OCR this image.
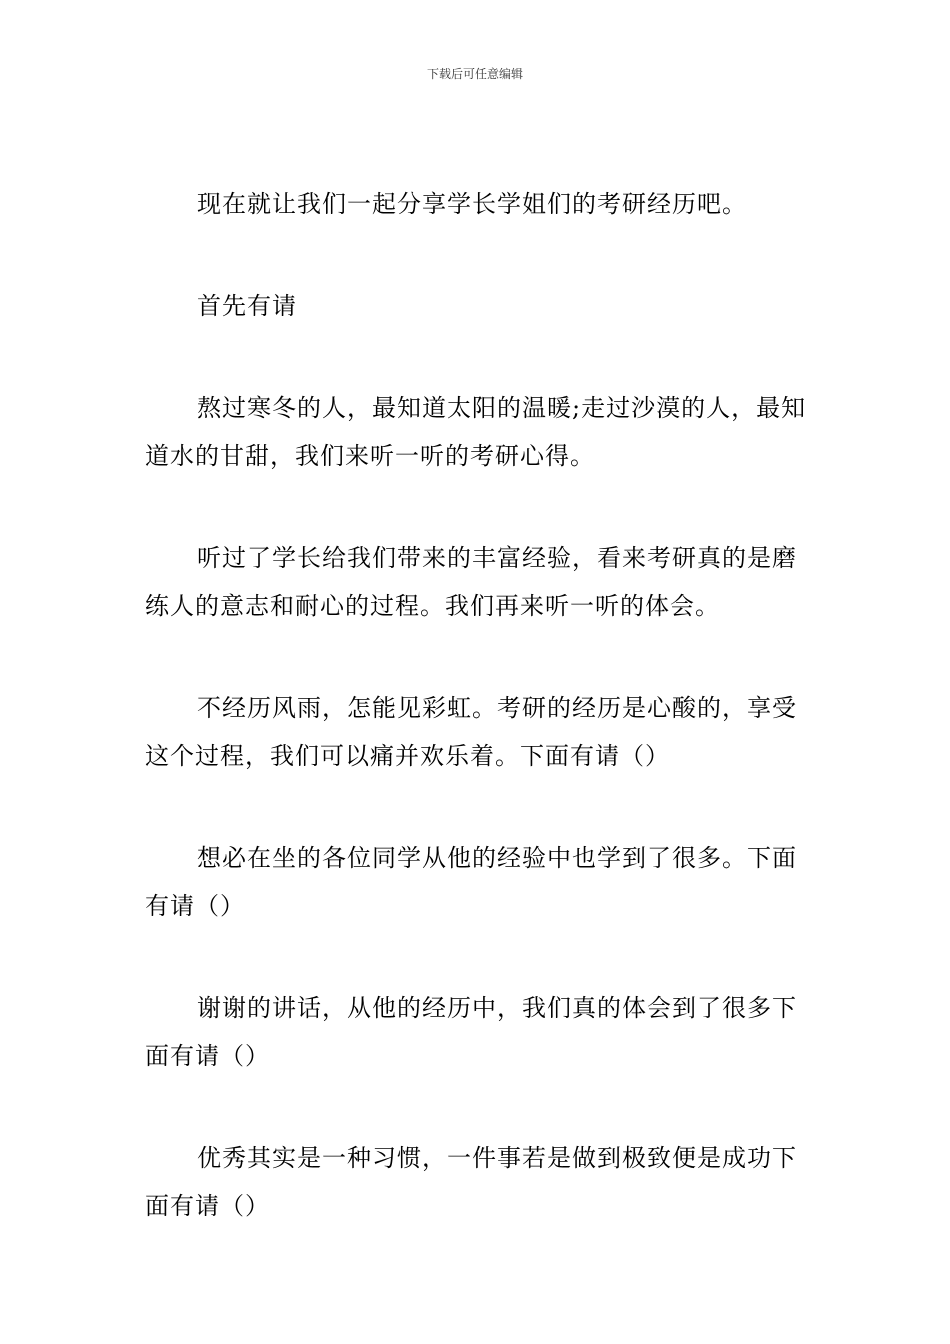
下载后可任意编辑

现在就让我们一起分享学长学姐们的考研经历吧。

首先有请

熬过寒冬的人，最知道太阳的温暖;走过沙漠的人，最知道水的甘甜，我们来听一听的考研心得。

听过了学长给我们带来的丰富经验，看来考研真的是磨练人的意志和耐心的过程。我们再来听一听的体会。

不经历风雨，怎能见彩虹。考研的经历是心酸的，享受这个过程，我们可以痛并欢乐着。下面有请（）

想必在坐的各位同学从他的经验中也学到了很多。下面有请（）

谢谢的讲话，从他的经历中，我们真的体会到了很多下面有请（）

优秀其实是一种习惯，一件事若是做到极致便是成功下面有请（）
